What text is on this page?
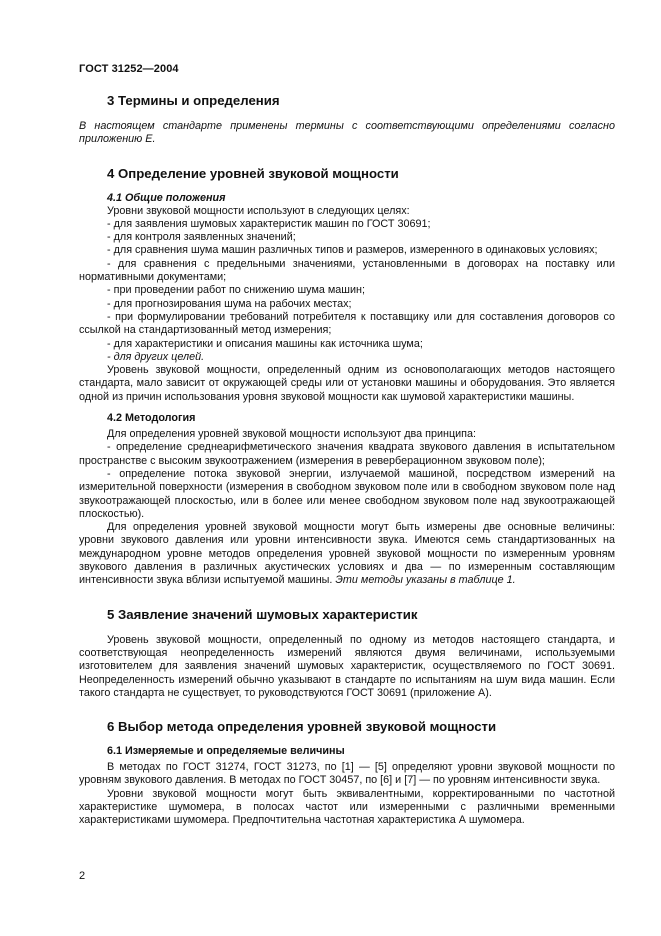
ГОСТ 31252—2004
3 Термины и определения

В настоящем стандарте применены термины с соответствующими определениями согласно приложению Е.

4 Определение уровней звуковой мощности
4.1 Общие положения

Уровни звуковой мощности используют в следующих целях:

- для заявления шумовых характеристик машин по ГОСТ 30691;

- для контроля заявленных значений;

- для сравнения шума машин различных типов и размеров, измеренного в одинаковых условиях;

- для сравнения с предельными значениями, установленными в договорах на поставку или нормативными документами;

- при проведении работ по снижению шума машин;

- для прогнозирования шума на рабочих местах;

- при формулировании требований потребителя к поставщику или для составления договоров со ссылкой на стандартизованный метод измерения;

- для характеристики и описания машины как источника шума;

- для других целей.

Уровень звуковой мощности, определенный одним из основополагающих методов настоящего стандарта, мало зависит от окружающей среды или от установки машины и оборудования. Это является одной из причин использования уровня звуковой мощности как шумовой характеристики машины.

4.2 Методология

Для определения уровней звуковой мощности используют два принципа:

- определение среднеарифметического значения квадрата звукового давления в испытательном пространстве с высоким звукоотражением (измерения в реверберационном звуковом поле);

- определение потока звуковой энергии, излучаемой машиной, посредством измерений на измерительной поверхности (измерения в свободном звуковом поле или в свободном звуковом поле над звукоотражающей плоскостью, или в более или менее свободном звуковом поле над звукоотражающей плоскостью).

Для определения уровней звуковой мощности могут быть измерены две основные величины: уровни звукового давления или уровни интенсивности звука. Имеются семь стандартизованных на международном уровне методов определения уровней звуковой мощности по измеренным уровням звукового давления в различных акустических условиях и два — по измеренным составляющим интенсивности звука вблизи испытуемой машины. Эти методы указаны в таблице 1.

5 Заявление значений шумовых характеристик

Уровень звуковой мощности, определенный по одному из методов настоящего стандарта, и соответствующая неопределенность измерений являются двумя величинами, используемыми изготовителем для заявления значений шумовых характеристик, осуществляемого по ГОСТ 30691. Неопределенность измерений обычно указывают в стандарте по испытаниям на шум вида машин. Если такого стандарта не существует, то руководствуются ГОСТ 30691 (приложение А).

6 Выбор метода определения уровней звуковой мощности
6.1 Измеряемые и определяемые величины

В методах по ГОСТ 31274, ГОСТ 31273, по [1] — [5] определяют уровни звуковой мощности по уровням звукового давления. В методах по ГОСТ 30457, по [6] и [7] — по уровням интенсивности звука.

Уровни звуковой мощности могут быть эквивалентными, корректированными по частотной характеристике шумомера, в полосах частот или измеренными с различными временными характеристиками шумомера. Предпочтительна частотная характеристика А шумомера.

2
